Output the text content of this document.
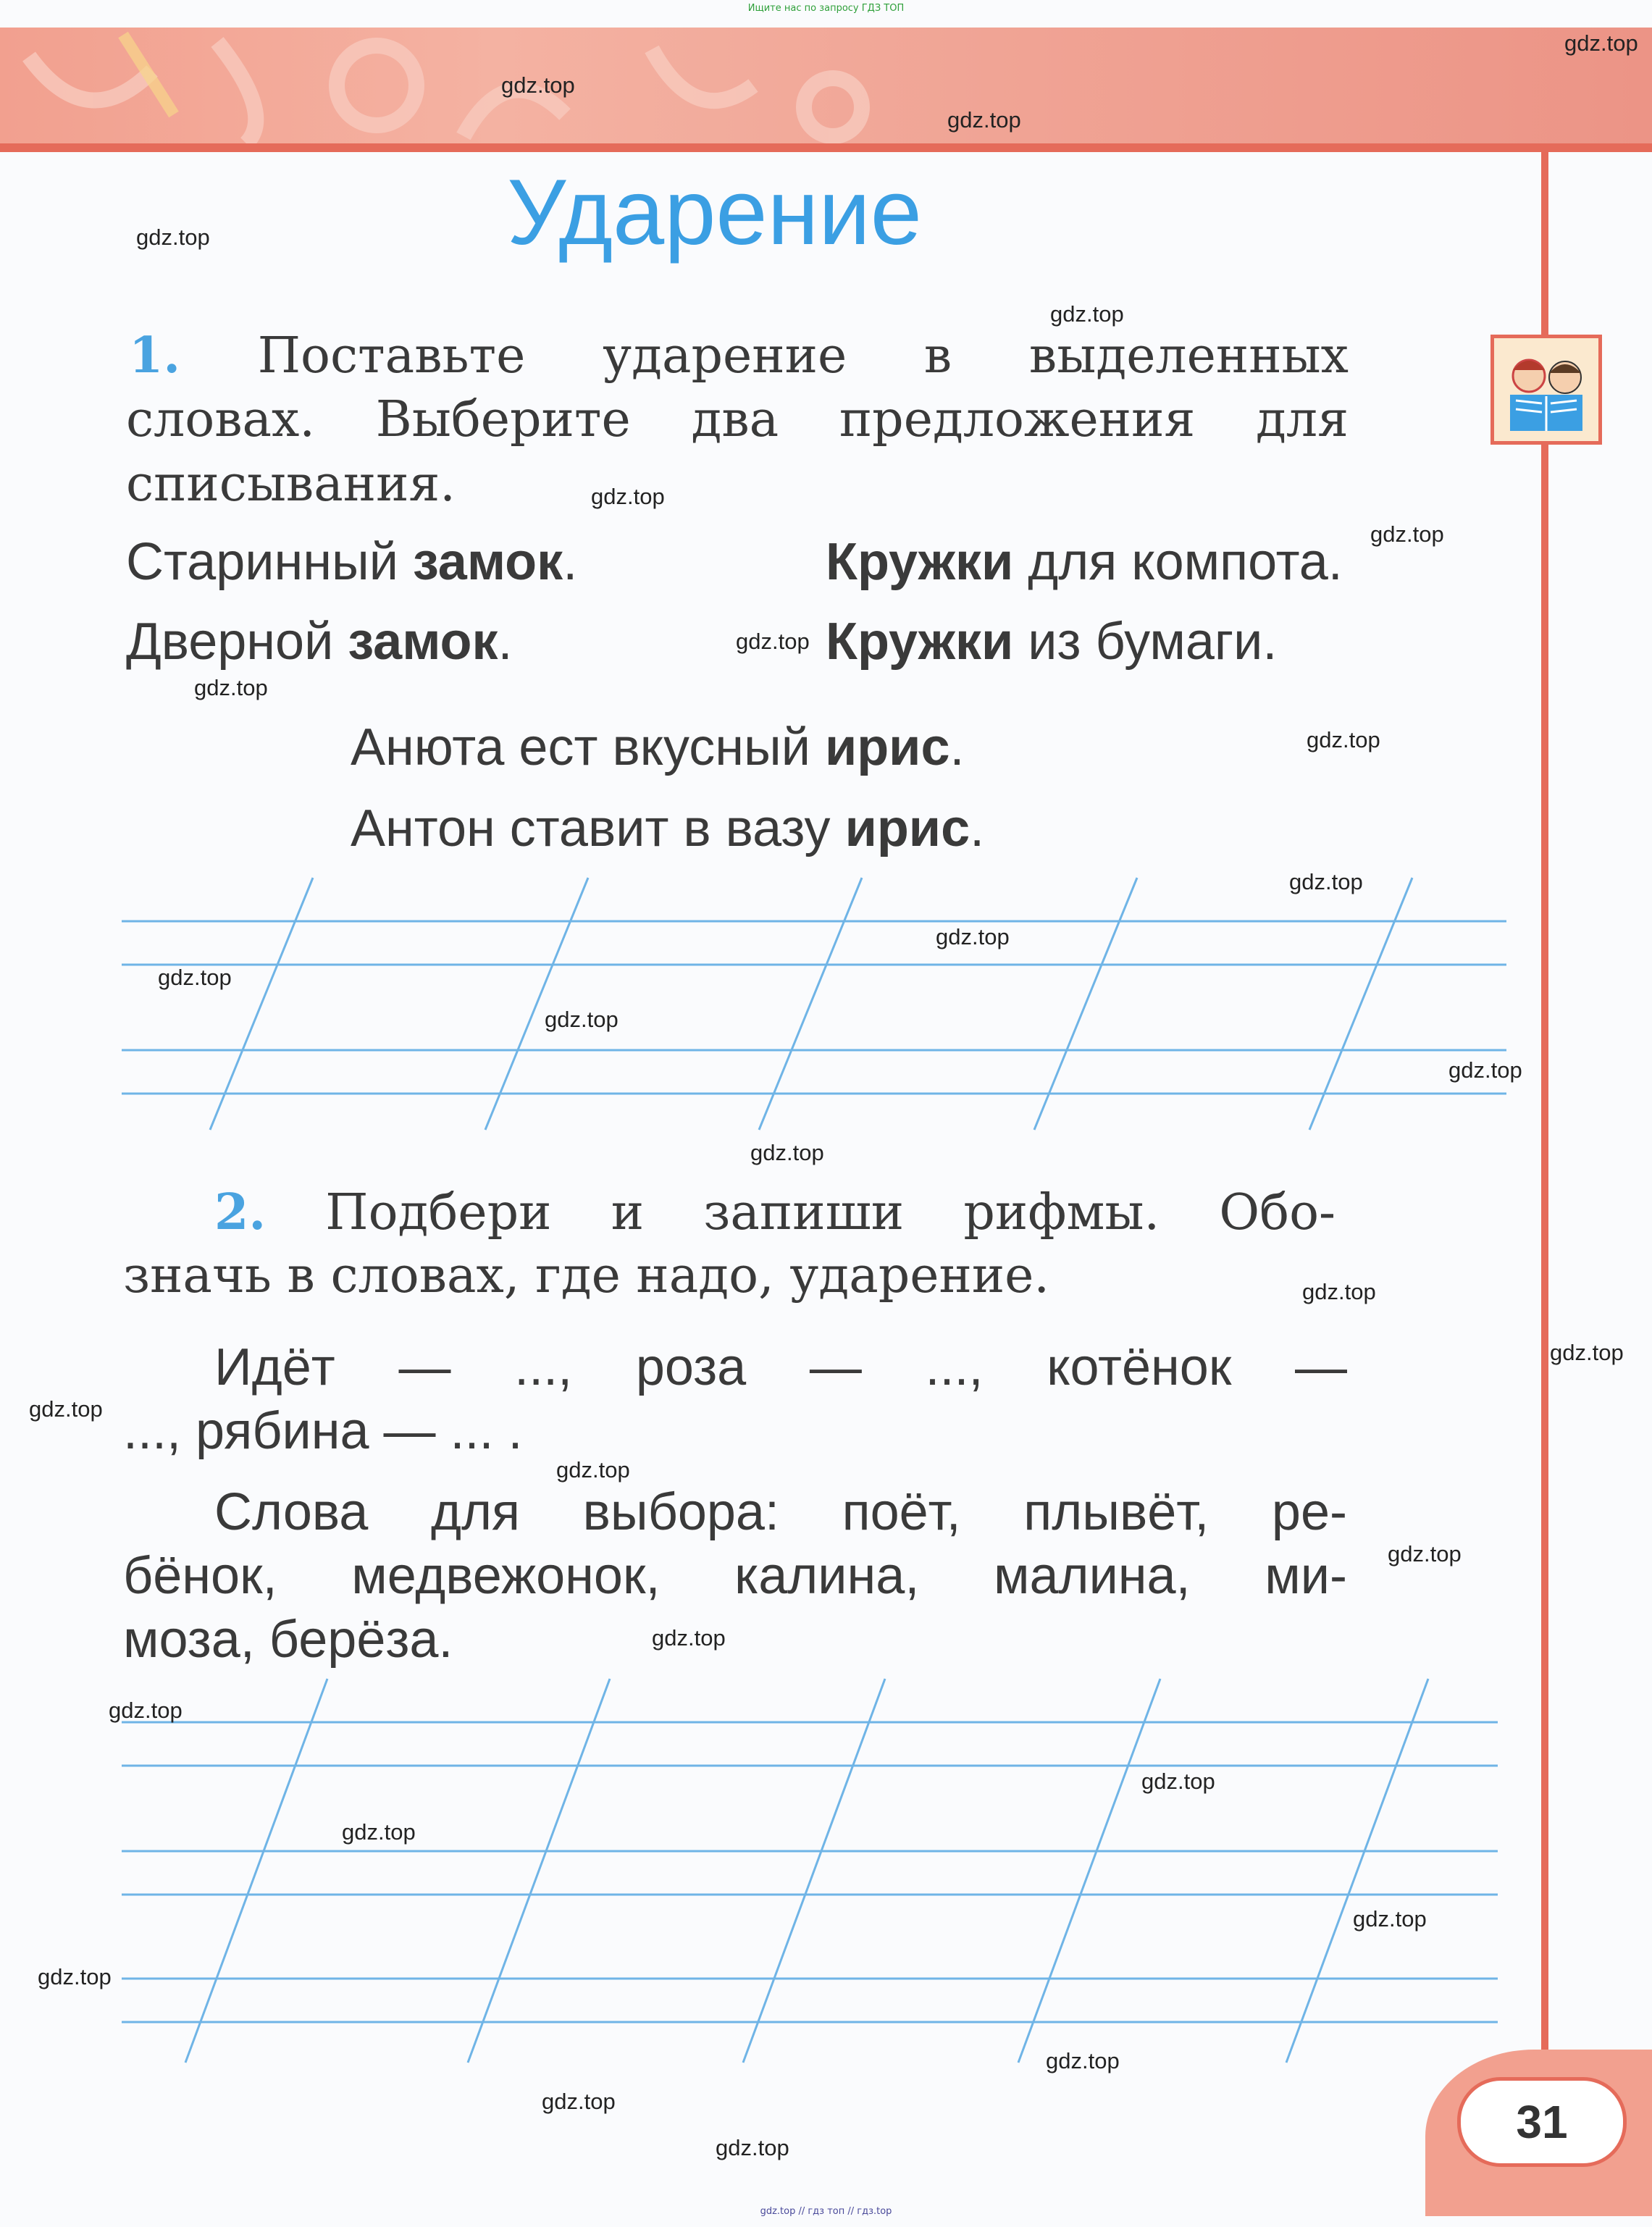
Ищите нас по запросу ГДЗ ТОП
Ударение
1. Поставьте ударение в выделенных
словах. Выберите два предложения для
списывания.
Старинный замок.
Дверной замок.
Кружки для компота.
Кружки из бумаги.
Анюта ест вкусный ирис.
Антон ставит в вазу ирис.
2. Подбери и запиши рифмы. Обо-
значь в словах, где надо, ударение.
Идёт — ..., роза — ..., котёнок —
..., рябина — ... .
Слова для выбора: поёт, плывёт, ре-
бёнок, медвежонок, калина, малина, ми-
моза, берёза.
31
gdz.top // гдз топ // гдз.top
gdz.top
gdz.top
gdz.top
gdz.top
gdz.top
gdz.top
gdz.top
gdz.top
gdz.top
gdz.top
gdz.top
gdz.top
gdz.top
gdz.top
gdz.top
gdz.top
gdz.top
gdz.top
gdz.top
gdz.top
gdz.top
gdz.top
gdz.top
gdz.top
gdz.top
gdz.top
gdz.top
gdz.top
gdz.top
gdz.top
